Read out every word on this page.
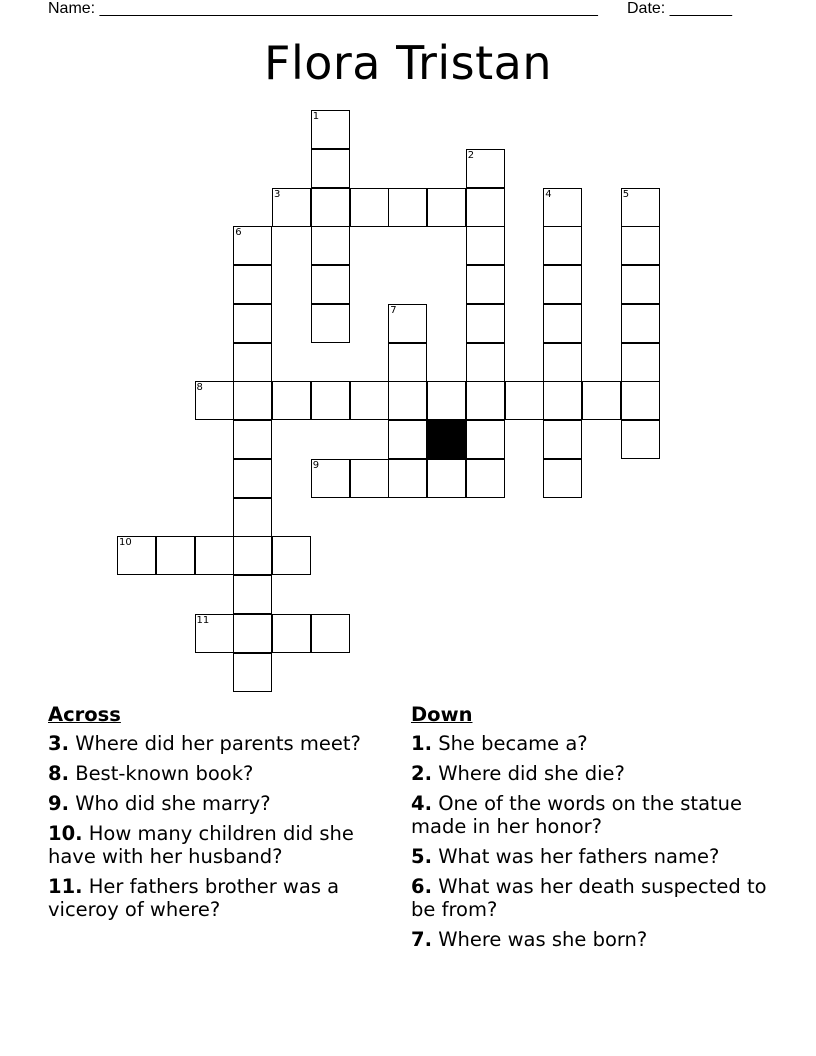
Name: ________________________________________________________ Date: _______
Flora Tristan
1
2
3	4	5
6
7
8
9
10
11
Across
3. Where did her parents meet?
8. Best-known book?
9. Who did she marry?
10. How many children did she have with her husband?
11. Her fathers brother was a viceroy of where?
Down
1. She became a?
2. Where did she die?
4. One of the words on the statue made in her honor?
5. What was her fathers name?
6. What was her death suspected to be from?
7. Where was she born?
